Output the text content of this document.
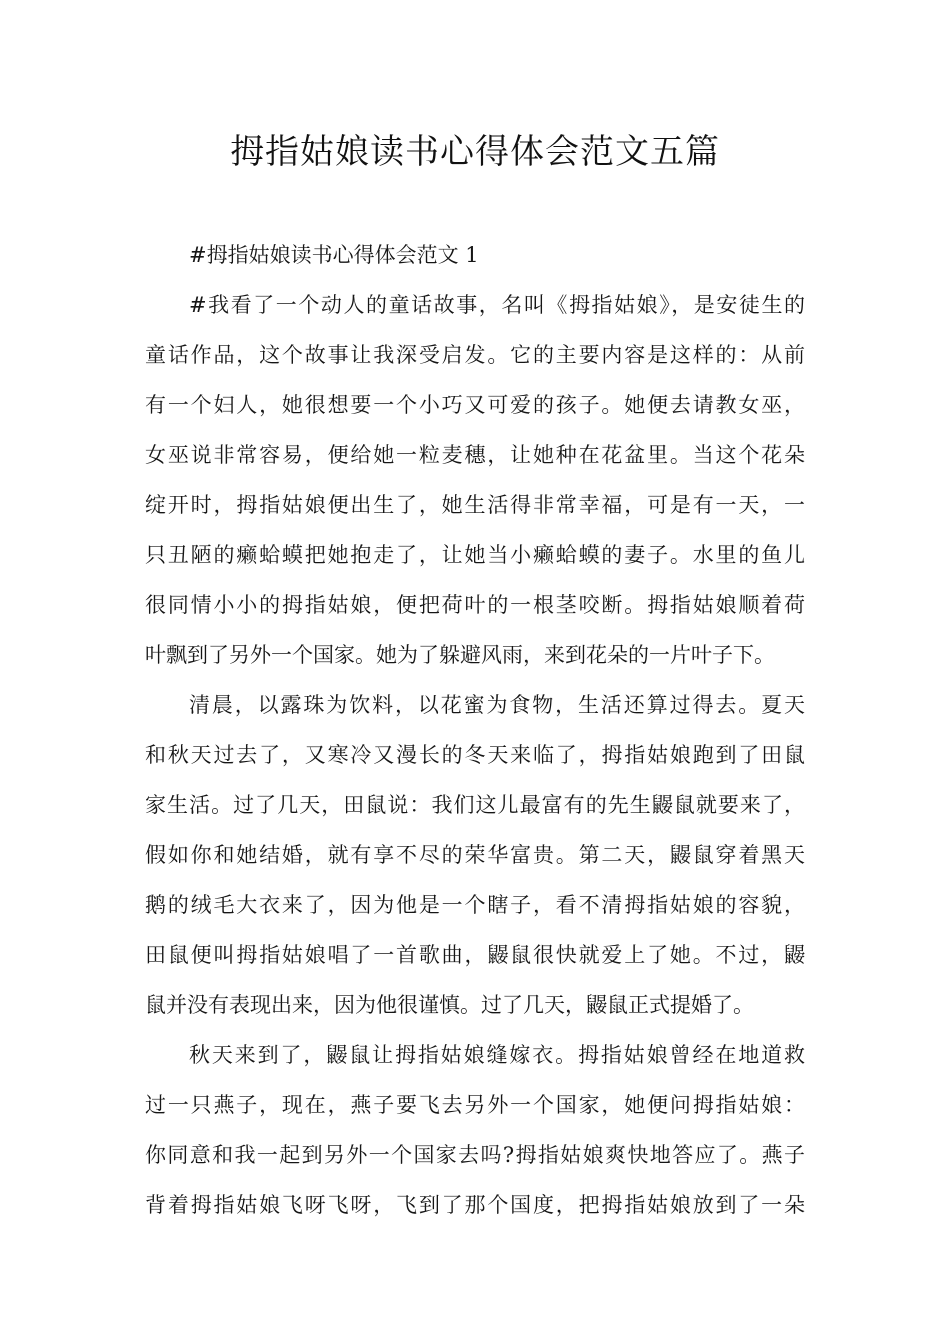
拇指姑娘读书心得体会范文五篇
#拇指姑娘读书心得体会范文 1
#我看了一个动人的童话故事，名叫《拇指姑娘》，是安徒生的
童话作品，这个故事让我深受启发。它的主要内容是这样的：从前
有一个妇人，她很想要一个小巧又可爱的孩子。她便去请教女巫，
女巫说非常容易，便给她一粒麦穗，让她种在花盆里。当这个花朵
绽开时，拇指姑娘便出生了，她生活得非常幸福，可是有一天，一
只丑陋的癞蛤蟆把她抱走了，让她当小癞蛤蟆的妻子。水里的鱼儿
很同情小小的拇指姑娘，便把荷叶的一根茎咬断。拇指姑娘顺着荷
叶飘到了另外一个国家。她为了躲避风雨，来到花朵的一片叶子下。
清晨，以露珠为饮料，以花蜜为食物，生活还算过得去。夏天
和秋天过去了，又寒冷又漫长的冬天来临了，拇指姑娘跑到了田鼠
家生活。过了几天，田鼠说：我们这儿最富有的先生鼹鼠就要来了，
假如你和她结婚，就有享不尽的荣华富贵。第二天，鼹鼠穿着黑天
鹅的绒毛大衣来了，因为他是一个瞎子，看不清拇指姑娘的容貌，
田鼠便叫拇指姑娘唱了一首歌曲，鼹鼠很快就爱上了她。不过，鼹
鼠并没有表现出来，因为他很谨慎。过了几天，鼹鼠正式提婚了。
秋天来到了，鼹鼠让拇指姑娘缝嫁衣。拇指姑娘曾经在地道救
过一只燕子，现在，燕子要飞去另外一个国家，她便问拇指姑娘：
你同意和我一起到另外一个国家去吗?拇指姑娘爽快地答应了。燕子
背着拇指姑娘飞呀飞呀，飞到了那个国度，把拇指姑娘放到了一朵
